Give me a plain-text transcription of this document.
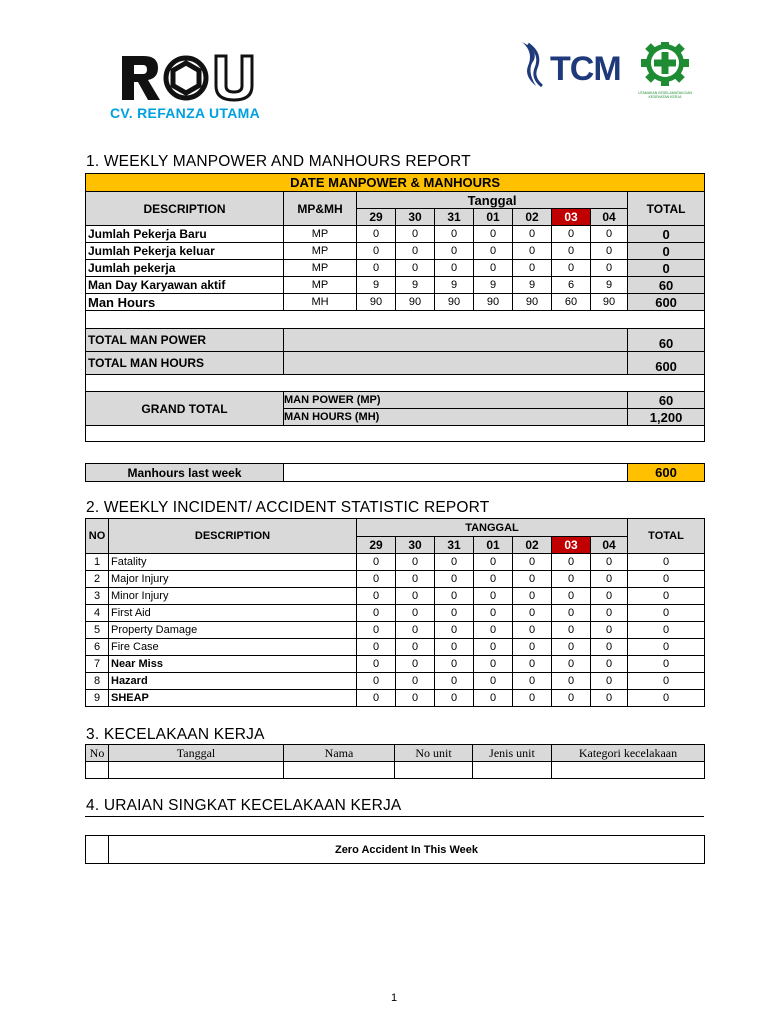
CV. REFANZA UTAMA
TCM
UTAMAKAN KESELAMATAN DAN KESEHATAN KERJA
1. WEEKLY MANPOWER AND MANHOURS REPORT
DATE MANPOWER & MANHOURS									
DESCRIPTION	MP&MH	Tanggal							TOTAL
		29	30	31	01	02	03	04	
Jumlah Pekerja Baru	MP	0	0	0	0	0	0	0	0
Jumlah Pekerja keluar	MP	0	0	0	0	0	0	0	0
Jumlah pekerja	MP	0	0	0	0	0	0	0	0
Man Day Karyawan aktif	MP	9	9	9	9	9	6	9	60
Man Hours	MH	90	90	90	90	90	60	90	600

TOTAL MAN POWER									60
TOTAL MAN HOURS									600

GRAND TOTAL	MAN POWER (MP)								60
	MAN HOURS (MH)								1,200

Manhours last week		600
2. WEEKLY INCIDENT/ ACCIDENT STATISTIC REPORT
NO	DESCRIPTION	TANGGAL							TOTAL
		29	30	31	01	02	03	04	
1	Fatality	0	0	0	0	0	0	0	0
2	Major Injury	0	0	0	0	0	0	0	0
3	Minor Injury	0	0	0	0	0	0	0	0
4	First Aid	0	0	0	0	0	0	0	0
5	Property Damage	0	0	0	0	0	0	0	0
6	Fire Case	0	0	0	0	0	0	0	0
7	Near Miss	0	0	0	0	0	0	0	0
8	Hazard	0	0	0	0	0	0	0	0
9	SHEAP	0	0	0	0	0	0	0	0
3. KECELAKAAN KERJA
No	Tanggal	Nama	No unit	Jenis unit	Kategori kecelakaan

4. URAIAN SINGKAT KECELAKAAN KERJA
	Zero Accident In This Week
1
